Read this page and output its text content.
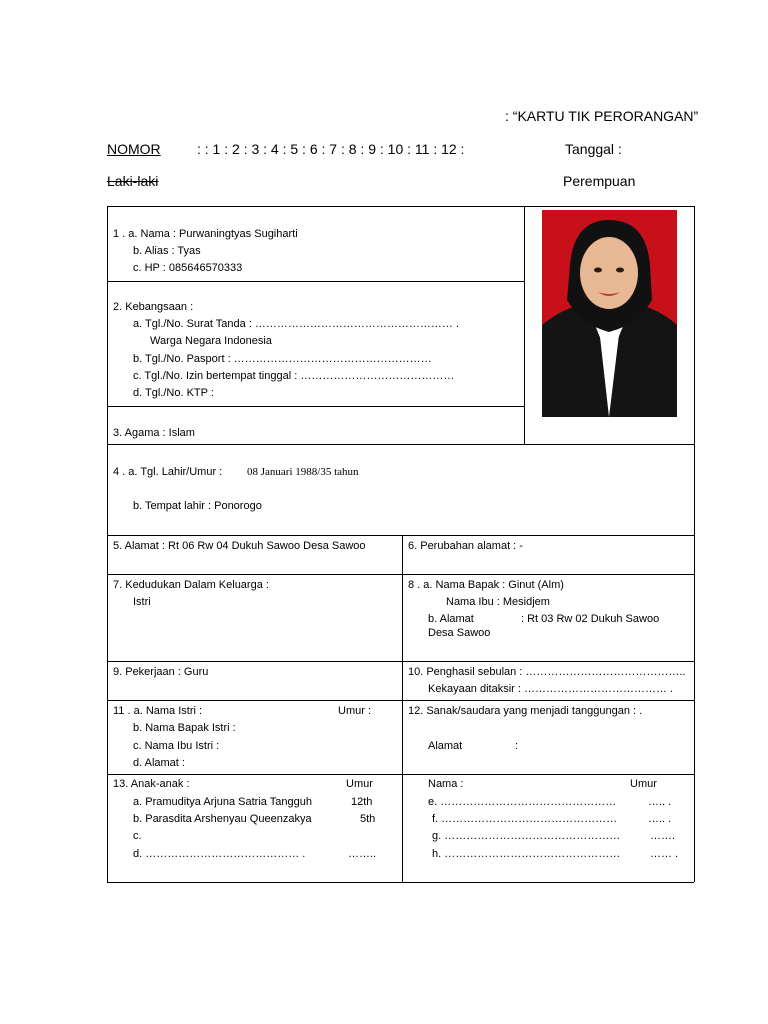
: “KARTU TIK PERORANGAN”
NOMOR	: : 1 : 2 : 3 : 4 : 5 : 6 : 7 : 8 : 9 : 10 : 11 : 12 :	Tanggal :
Laki-laki	Perempuan
1 . a. Nama : Purwaningtyas Sugiharti
b. Alias : Tyas
c. HP : 085646570333
2. Kebangsaan :
a. Tgl./No. Surat Tanda : ……………………………………………… .
Warga Negara Indonesia
b. Tgl./No. Pasport : ………………………………………………
c. Tgl./No. Izin bertempat tinggal : ……………………………………
d. Tgl./No. KTP :
3. Agama : Islam
4 . a. Tgl. Lahir/Umur : 08 Januari 1988/35 tahun
b. Tempat lahir : Ponorogo
5. Alamat : Rt 06 Rw 04 Dukuh Sawoo Desa Sawoo	6. Perubahan alamat : -
7. Kedudukan Dalam Keluarga :
Istri
8 . a. Nama Bapak : Ginut (Alm)
Nama Ibu : Mesidjem
b. Alamat	: Rt 03 Rw 02 Dukuh Sawoo
Desa Sawoo
9. Pekerjaan : Guru	10. Penghasil sebulan : ……………………………………..
Kekayaan ditaksir : ………………………………… .
11 . a. Nama Istri :	Umur :
b. Nama Bapak Istri :
c. Nama Ibu Istri :
d. Alamat :
12. Sanak/saudara yang menjadi tanggungan : .
Alamat	:
13. Anak-anak :	Umur
a. Pramuditya Arjuna Satria Tangguh	12th
b. Parasdita Arshenyau Queenzakya	5th
c.
d. …………………………………… .	……..
Nama :	Umur
e. …………………………………………	….. .
f. …………………………………………	….. .
g. …………………………………………	…….
h. …………………………………………	…… .
